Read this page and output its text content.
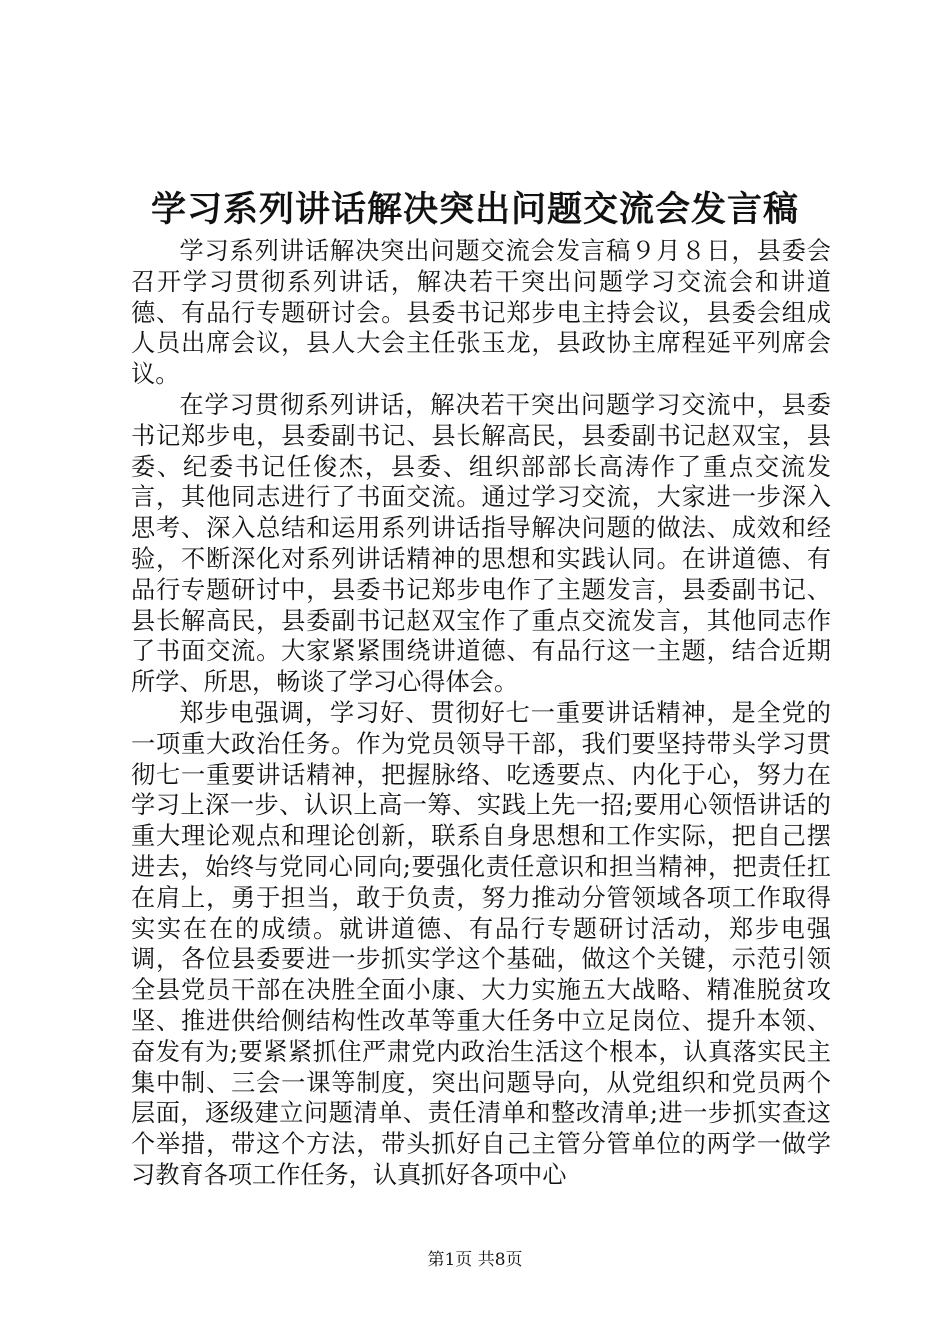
学习系列讲话解决突出问题交流会发言稿

学习系列讲话解决突出问题交流会发言稿９月８日，县委会召开学习贯彻系列讲话，解决若干突出问题学习交流会和讲道德、有品行专题研讨会。县委书记郑步电主持会议，县委会组成人员出席会议，县人大会主任张玉龙，县政协主席程延平列席会议。

在学习贯彻系列讲话，解决若干突出问题学习交流中，县委书记郑步电，县委副书记、县长解高民，县委副书记赵双宝，县委、纪委书记任俊杰，县委、组织部部长高涛作了重点交流发言，其他同志进行了书面交流。通过学习交流，大家进一步深入思考、深入总结和运用系列讲话指导解决问题的做法、成效和经验，不断深化对系列讲话精神的思想和实践认同。在讲道德、有品行专题研讨中，县委书记郑步电作了主题发言，县委副书记、县长解高民，县委副书记赵双宝作了重点交流发言，其他同志作了书面交流。大家紧紧围绕讲道德、有品行这一主题，结合近期所学、所思，畅谈了学习心得体会。

郑步电强调，学习好、贯彻好七一重要讲话精神，是全党的一项重大政治任务。作为党员领导干部，我们要坚持带头学习贯彻七一重要讲话精神，把握脉络、吃透要点、内化于心，努力在学习上深一步、认识上高一筹、实践上先一招;要用心领悟讲话的重大理论观点和理论创新，联系自身思想和工作实际，把自己摆进去，始终与党同心同向;要强化责任意识和担当精神，把责任扛在肩上，勇于担当，敢于负责，努力推动分管领域各项工作取得实实在在的成绩。就讲道德、有品行专题研讨活动，郑步电强调，各位县委要进一步抓实学这个基础，做这个关键，示范引领全县党员干部在决胜全面小康、大力实施五大战略、精准脱贫攻坚、推进供给侧结构性改革等重大任务中立足岗位、提升本领、奋发有为;要紧紧抓住严肃党内政治生活这个根本，认真落实民主集中制、三会一课等制度，突出问题导向，从党组织和党员两个层面，逐级建立问题清单、责任清单和整改清单;进一步抓实查这个举措，带这个方法，带头抓好自己主管分管单位的两学一做学习教育各项工作任务，认真抓好各项中心

第1页 共8页
